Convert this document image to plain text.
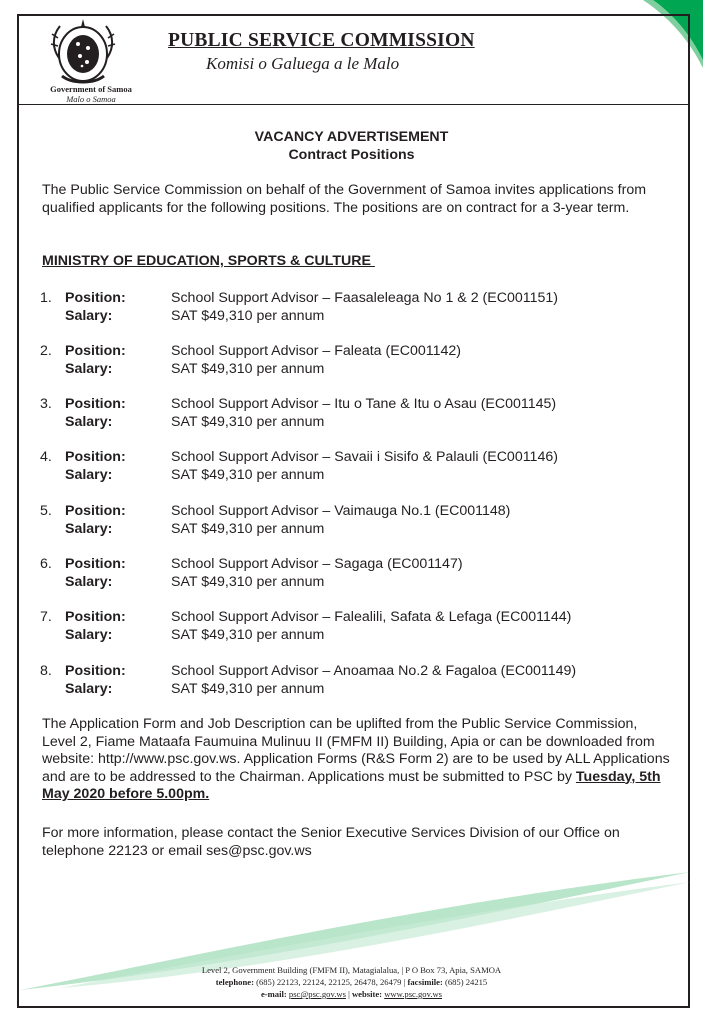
Government of Samoa
Malo o Samoa
PUBLIC SERVICE COMMISSION
Komisi o Galuega a le Malo
VACANCY ADVERTISEMENT
Contract Positions
The Public Service Commission on behalf of the Government of Samoa invites applications from qualified applicants for the following positions. The positions are on contract for a 3-year term.
MINISTRY OF EDUCATION, SPORTS & CULTURE
1. Position:
Salary:
School Support Advisor – Faasaleleaga No 1 & 2 (EC001151)
SAT $49,310 per annum
2. Position:
Salary:
School Support Advisor – Faleata (EC001142)
SAT $49,310 per annum
3. Position:
Salary:
School Support Advisor – Itu o Tane & Itu o Asau (EC001145)
SAT $49,310 per annum
4. Position:
Salary:
School Support Advisor – Savaii i Sisifo & Palauli (EC001146)
SAT $49,310 per annum
5. Position:
Salary:
School Support Advisor – Vaimauga No.1 (EC001148)
SAT $49,310 per annum
6. Position:
Salary:
School Support Advisor – Sagaga (EC001147)
SAT $49,310 per annum
7. Position:
Salary:
School Support Advisor – Falealili, Safata & Lefaga (EC001144)
SAT $49,310 per annum
8. Position:
Salary:
School Support Advisor – Anoamaa No.2 & Fagaloa (EC001149)
SAT $49,310 per annum
The Application Form and Job Description can be uplifted from the Public Service Commission, Level 2, Fiame Mataafa Faumuina Mulinuu II (FMFM II) Building, Apia or can be downloaded from website: http://www.psc.gov.ws. Application Forms (R&S Form 2) are to be used by ALL Applications and are to be addressed to the Chairman. Applications must be submitted to PSC by Tuesday, 5th May 2020 before 5.00pm.
For more information, please contact the Senior Executive Services Division of our Office on telephone 22123 or email ses@psc.gov.ws
Level 2, Government Building (FMFM II), Matagialalua, | P O Box 73, Apia, SAMOA
telephone: (685) 22123, 22124, 22125, 26478, 26479 | facsimile: (685) 24215
e-mail: psc@psc.gov.ws | website: www.psc.gov.ws
